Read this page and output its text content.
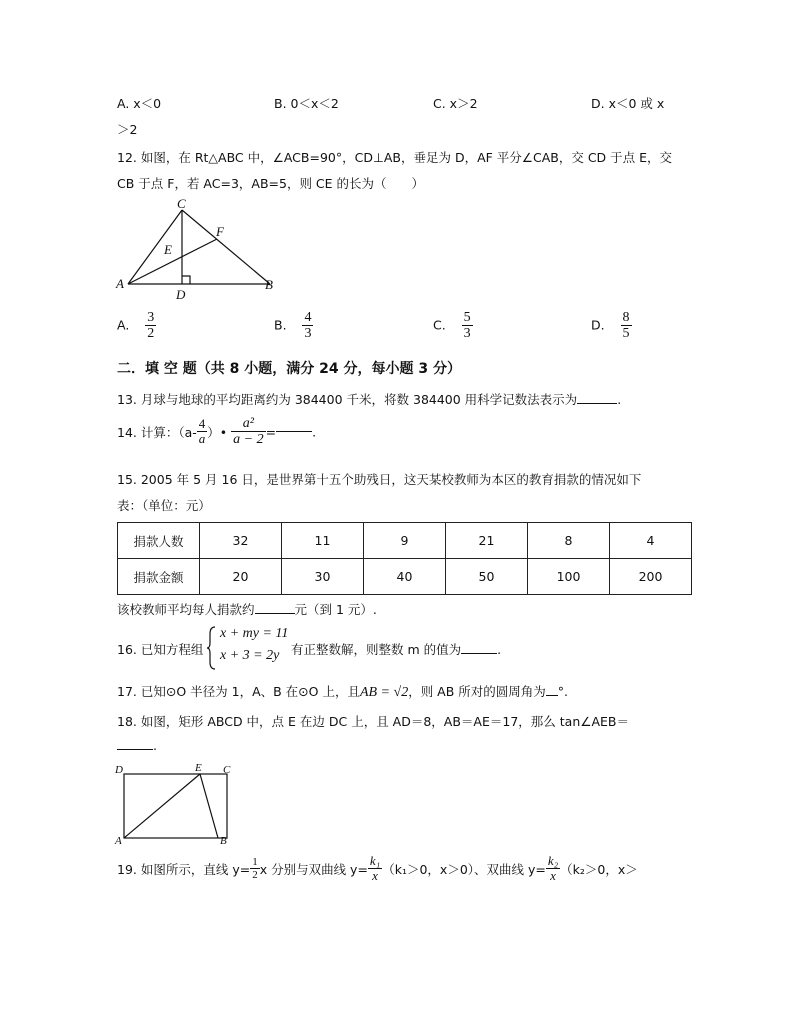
A. x＜0	B. 0＜x＜2	C. x＞2	D. x＜0 或 x
＞2
12. 如图，在 Rt△ABC 中，∠ACB=90°，CD⊥AB，垂足为 D，AF 平分∠CAB，交 CD 于点 E，交
CB 于点 F，若 AC=3，AB=5，则 CE 的长为（　　）
C
F
E
A
D
B
A. $\frac{3}{2}$	B. $\frac{4}{3}$	C. $\frac{5}{3}$	D. $\frac{8}{5}$
二．填 空 题（共 8 小题，满分 24 分，每小题 3 分）
13. 月球与地球的平均距离约为 384400 千米，将数 384400 用科学记数法表示为	.
14. 计算：（$a- \frac{4}{a}$ ）• $\frac{\text{a²}}{a - 2}$ =	.
15. 2005 年 5 月 16 日，是世界第十五个助残日，这天某校教师为本区的教育捐款的情况如下
表：（单位：元）
捐款人数	32	11	9	21	8	4
捐款金额	20	30	40	50	100	200
该校教师平均每人捐款约	元（到 1 元）.
16. 已知方程组
x + my = 11
x + 3 = 2y 有正整数解，则整数 m 的值为	.
17. 已知⊙O 半径为 1，A、B 在⊙O 上，且AB = √2，则 AB 所对的圆周角为 °.
18. 如图，矩形 ABCD 中，点 E 在边 DC 上，且 AD＝8，AB＝AE＝17，那么 tan∠AEB＝
.
D	E C
A	B
19. 如图所示，直线 $y= \frac{1}{2}$ x 分别与双曲线 $y= \frac{\text{k₁}}{x} (k_1>0$，x＞0）、双曲线 $y= \frac{\text{k₂}}{x} (k_2>0$，x＞
